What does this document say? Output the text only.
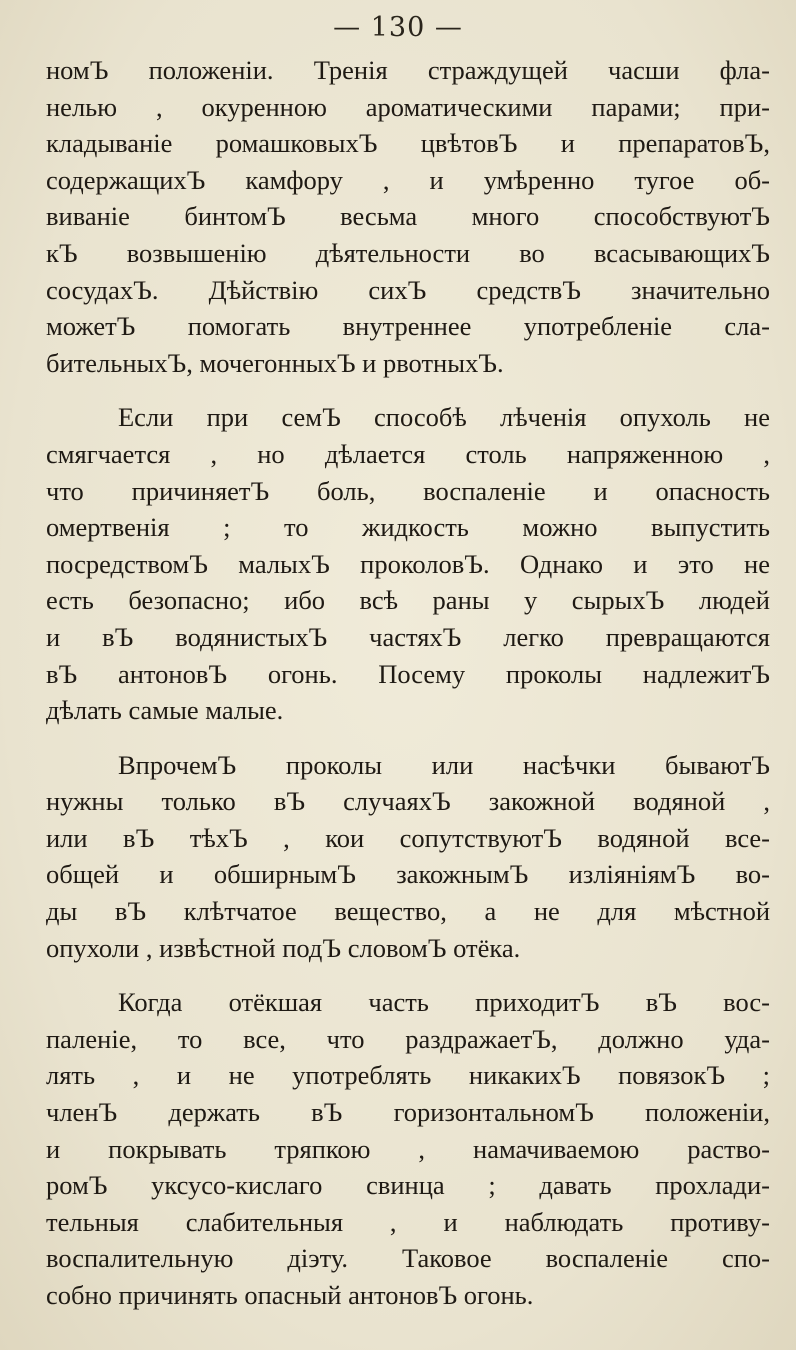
— 130 —
номЪ положеніи. Тренія страждущей часши фла-
нелью , окуренною ароматическими парами; при-
кладываніе ромашковыхЪ цвѣтовЪ и препаратовЪ,
содержащихЪ камфору , и умѣренно тугое об-
виваніе бинтомЪ весьма много способствуютЪ
кЪ возвышенію дѣятельности во всасывающихЪ
сосудахЪ. Дѣйствію сихЪ средствЪ значительно
можетЪ помогать внутреннее употребленіе сла-
бительныхЪ, мочегонныхЪ и рвотныхЪ.
Если при семЪ способѣ лѣченія опухоль не
смягчается , но дѣлается столь напряженною ,
что причиняетЪ боль, воспаленіе и опасность
омертвенія ; то жидкость можно выпустить
посредствомЪ малыхЪ проколовЪ. Однако и это не
есть безопасно; ибо всѣ раны у сырыхЪ людей
и вЪ водянистыхЪ частяхЪ легко превращаются
вЪ антоновЪ огонь. Посему проколы надлежитЪ
дѣлать самые малые.
ВпрочемЪ проколы или насѣчки бываютЪ
нужны только вЪ случаяхЪ закожной водяной ,
или вЪ тѣхЪ , кои сопутствуютЪ водяной все-
общей и обширнымЪ закожнымЪ изліяніямЪ во-
ды вЪ клѣтчатое вещество, а не для мѣстной
опухоли , извѣстной подЪ словомЪ отёка.
Когда отёкшая часть приходитЪ вЪ вос-
паленіе, то все, что раздражаетЪ, должно уда-
лять , и не употреблять никакихЪ повязокЪ ;
членЪ держать вЪ горизонтальномЪ положеніи,
и покрывать тряпкою , намачиваемою раство-
ромЪ уксусо-кислаго свинца ; давать прохлади-
тельныя слабительныя , и наблюдать противу-
воспалительную діэту. Таковое воспаленіе спо-
собно причинять опасный антоновЪ огонь.
